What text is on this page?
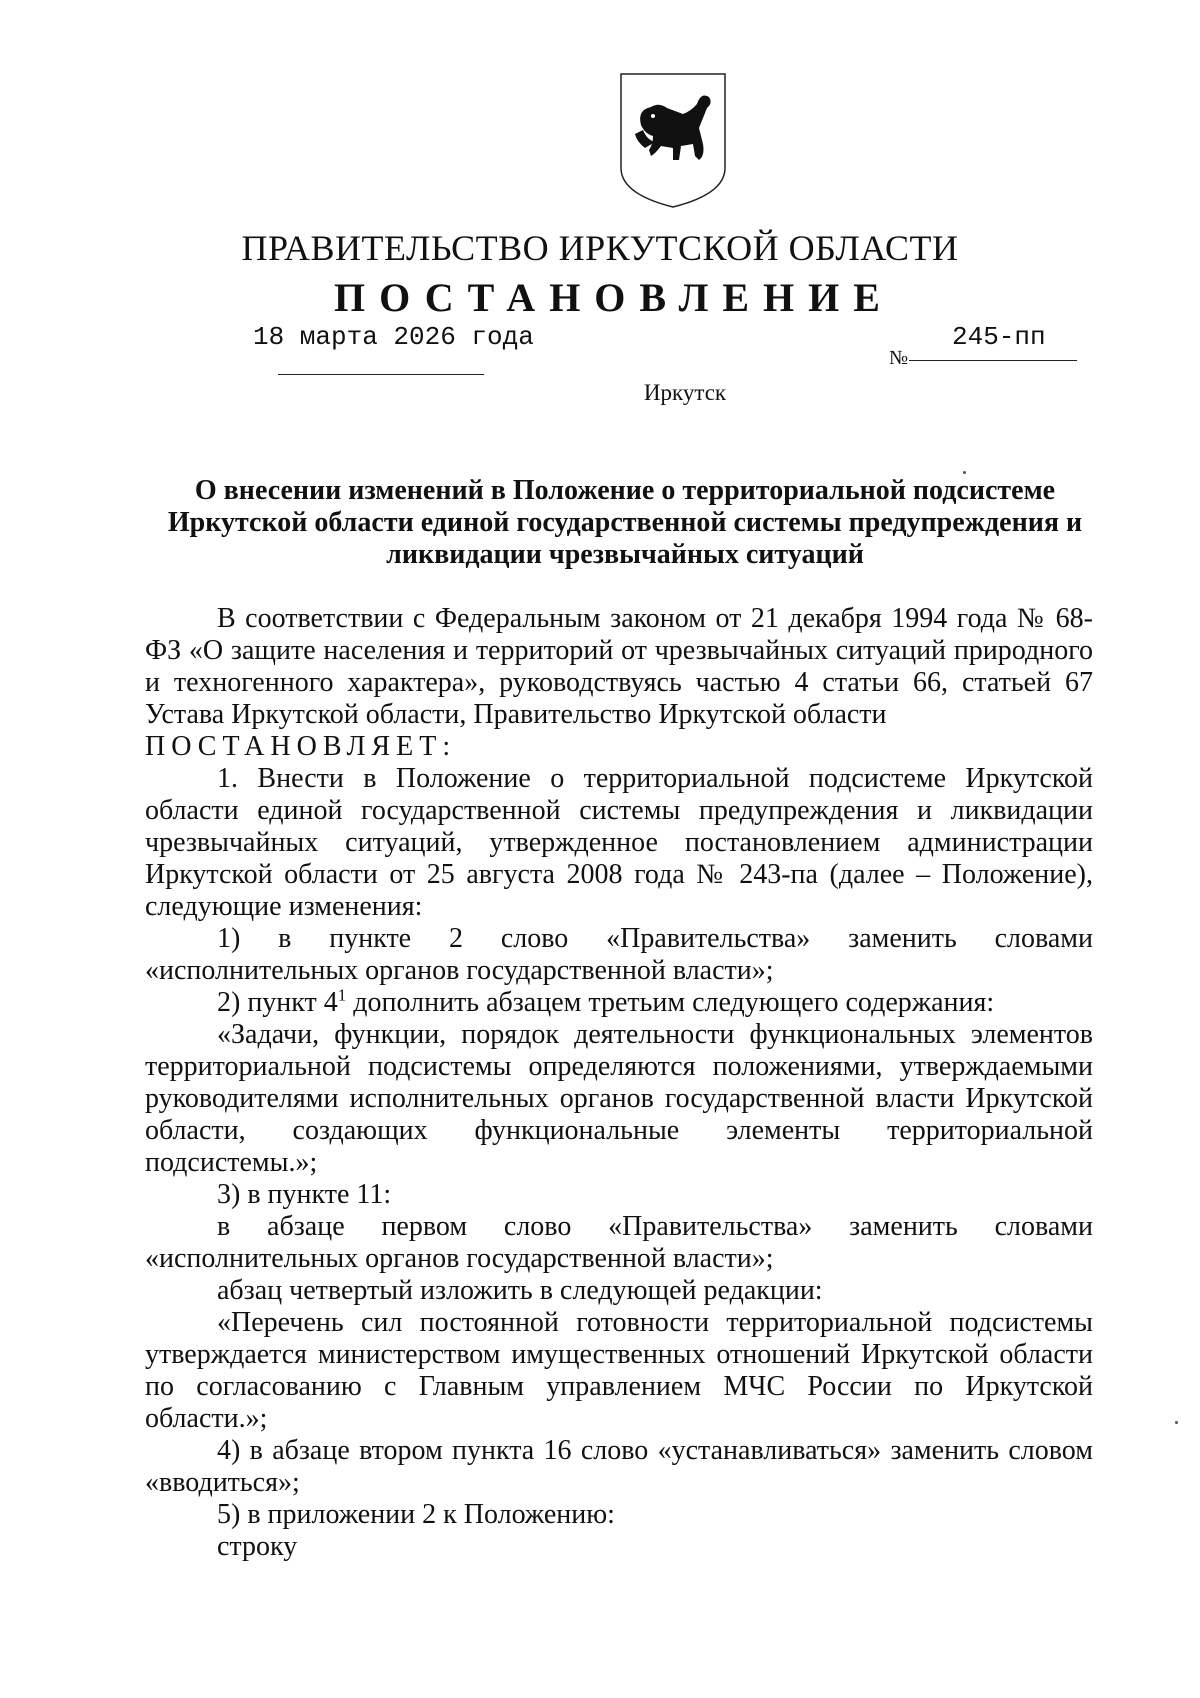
ПРАВИТЕЛЬСТВО ИРКУТСКОЙ ОБЛАСТИ
ПОСТАНОВЛЕНИЕ
18 марта 2026 года
№
245-пп
Иркутск
О внесении изменений в Положение о территориальной подсистеме
Иркутской области единой государственной системы предупреждения и
ликвидации чрезвычайных ситуаций

В соответствии с Федеральным законом от 21 декабря 1994 года № 68-ФЗ «О защите населения и территорий от чрезвычайных ситуаций природного и техногенного характера», руководствуясь частью 4 статьи 66, статьей 67 Устава Иркутской области, Правительство Иркутской области

ПОСТАНОВЛЯЕТ:

1. Внести в Положение о территориальной подсистеме Иркутской области единой государственной системы предупреждения и ликвидации чрезвычайных ситуаций, утвержденное постановлением администрации Иркутской области от 25 августа 2008 года № 243-па (далее – Положение), следующие изменения:

1) в пункте 2 слово «Правительства» заменить словами «исполнительных органов государственной власти»;

2) пункт $4^1$ дополнить абзацем третьим следующего содержания:

«Задачи, функции, порядок деятельности функциональных элементов территориальной подсистемы определяются положениями, утверждаемыми руководителями исполнительных органов государственной власти Иркутской области, создающих функциональные элементы территориальной подсистемы.»;

3) в пункте 11:

в абзаце первом слово «Правительства» заменить словами «исполнительных органов государственной власти»;

абзац четвертый изложить в следующей редакции:

«Перечень сил постоянной готовности территориальной подсистемы утверждается министерством имущественных отношений Иркутской области по согласованию с Главным управлением МЧС России по Иркутской области.»;

4) в абзаце втором пункта 16 слово «устанавливаться» заменить словом «вводиться»;

5) в приложении 2 к Положению:

строку
